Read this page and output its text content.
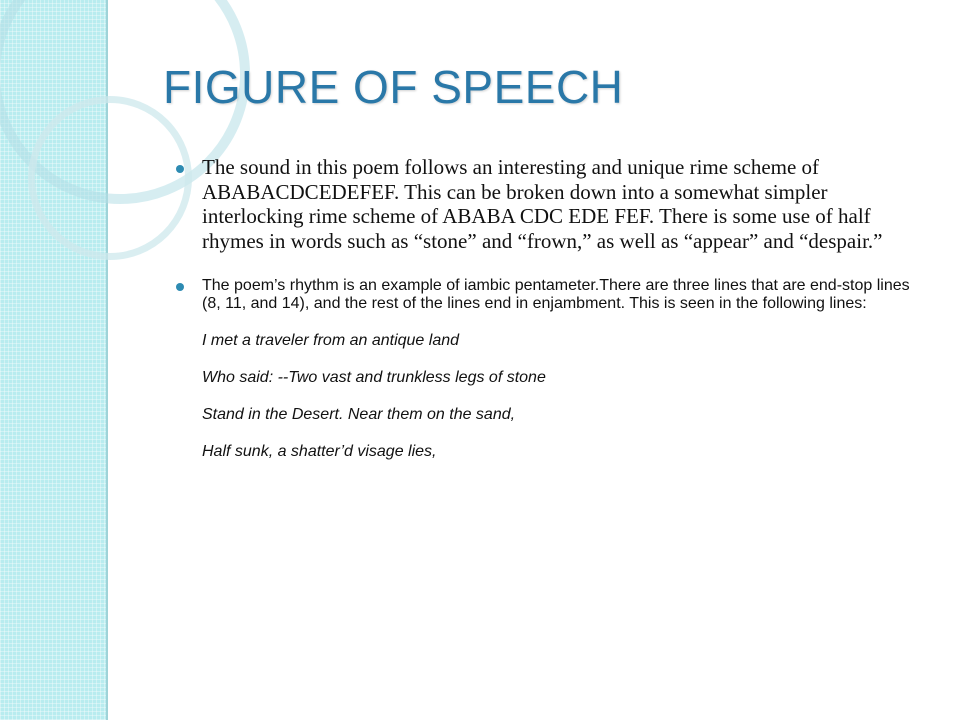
FIGURE OF SPEECH
The sound in this poem follows an interesting and unique rime scheme of ABABACDCEDEFEF. This can be broken down into a somewhat simpler interlocking rime scheme of ABABA CDC EDE FEF. There is some use of half rhymes in words such as “stone” and “frown,” as well as “appear” and “despair.”
The poem’s rhythm is an example of iambic pentameter.There are three lines that are end-stop lines (8, 11, and 14), and the rest of the lines end in enjambment. This is seen in the following lines:
I met a traveler from an antique land
Who said: --Two vast and trunkless legs of stone
Stand in the Desert. Near them on the sand,
Half sunk, a shatter’d visage lies,
